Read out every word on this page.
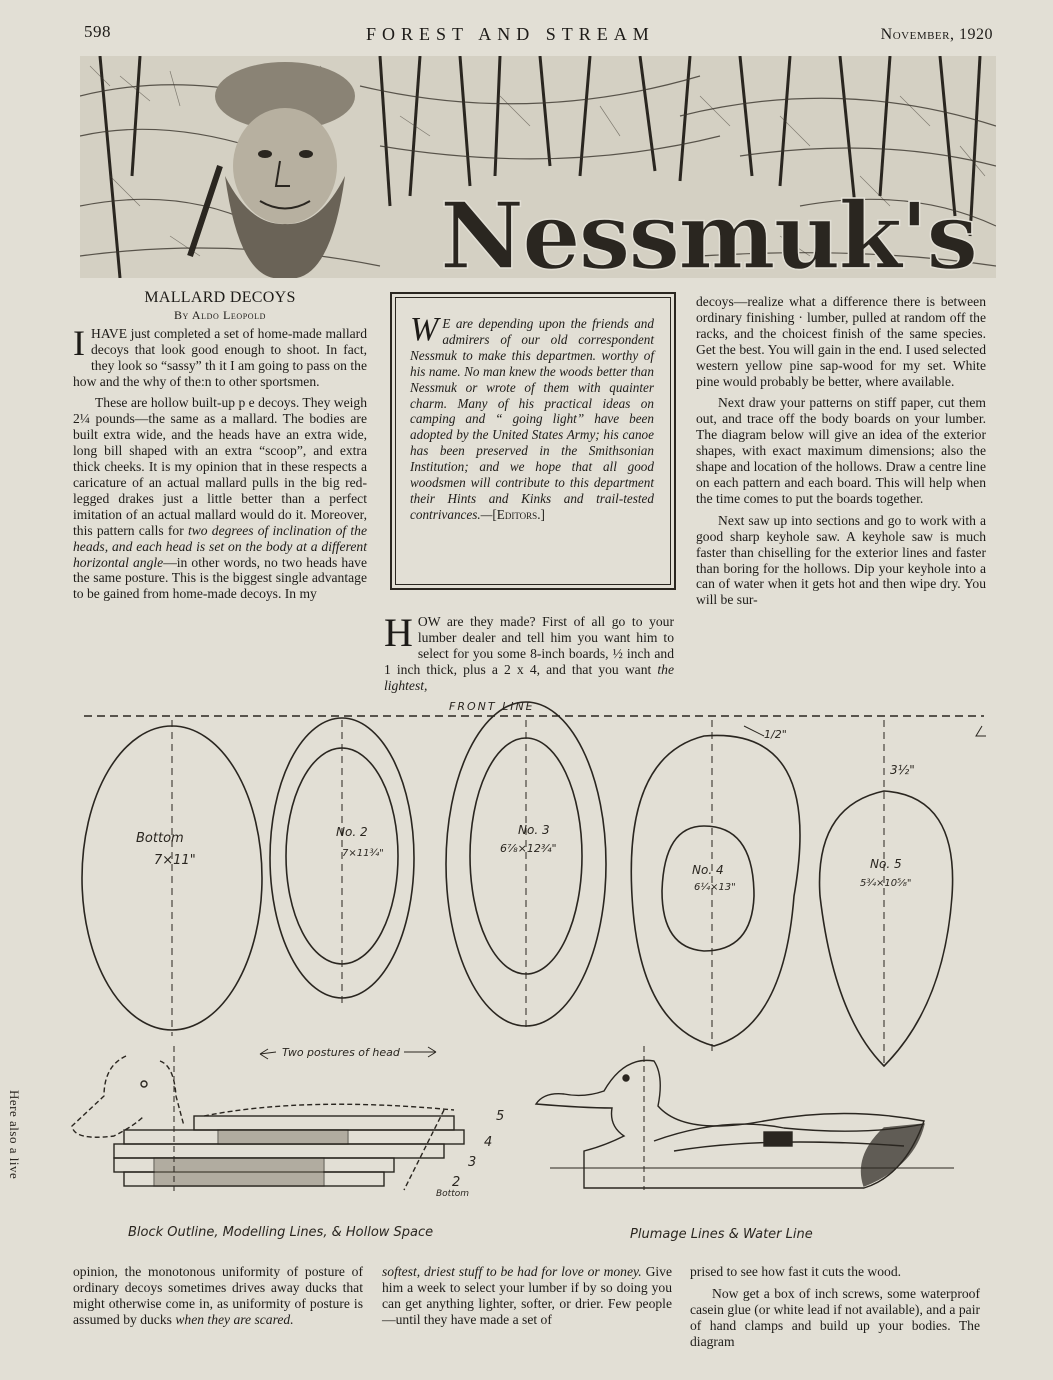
598	FOREST AND STREAM	November, 1920
Nessmuk's
MALLARD DECOYS
By Aldo Leopold

IHAVE just completed a set of home-made mallard decoys that look good enough to shoot. In fact, they look so “sassy” th it I am going to pass on the how and the why of the:n to other sportsmen.

These are hollow built-up p e decoys. They weigh 2¼ pounds—the same as a mallard. The bodies are built extra wide, and the heads have an extra wide, long bill shaped with an extra “scoop”, and extra thick cheeks. It is my opinion that in these respects a caricature of an actual mallard pulls in the big red-legged drakes just a little better than a perfect imitation of an actual mallard would do it. Moreover, this pattern calls for two degrees of inclination of the heads, and each head is set on the body at a different horizontal angle—in other words, no two heads have the same posture. This is the biggest single advantage to be gained from home-made decoys. In my

W E are depending upon the friends and admirers of our old correspondent Nessmuk to make this departmen. worthy of his name. No man knew the woods better than Nessmuk or wrote of them with quainter charm. Many of his practical ideas on camping and “ going light” have been adopted by the United States Army; his canoe has been preserved in the Smithsonian Institution; and we hope that all good woodsmen will contribute to this department their Hints and Kinks and trail-tested contrivances.—[Editors.]

HOW are they made? First of all go to your lumber dealer and tell him you want him to select for you some 8-inch boards, ½ inch and 1 inch thick, plus a 2 x 4, and that you want the lightest,

decoys—realize what a difference there is between ordinary finishing · lumber, pulled at random off the racks, and the choicest finish of the same species. Get the best. You will gain in the end. I used selected western yellow pine sap-wood for my set. White pine would probably be better, where available.

Next draw your patterns on stiff paper, cut them out, and trace off the body boards on your lumber. The diagram below will give an idea of the exterior shapes, with exact maximum dimensions; also the shape and location of the hollows. Draw a centre line on each pattern and each board. This will help when the time comes to put the boards together.

Next saw up into sections and go to work with a good sharp keyhole saw. A keyhole saw is much faster than chiselling for the exterior lines and faster than boring for the hollows. Dip your keyhole into a can of water when it gets hot and then wipe dry. You will be sur-

FRONT LINE
1/2"
3½"
Bottom
7×11"
No. 2
7×11¾"
No. 3
6⅞×12¾"
No. 4
6¼×13"
No. 5
5¾×10⁵⁄₈"
Two postures of head
5
4
3
2
Bottom
Block Outline, Modelling Lines, & Hollow Space	Plumage Lines & Water Line

opinion, the monotonous uniformity of posture of ordinary decoys sometimes drives away ducks that might otherwise come in, as uniformity of posture is assumed by ducks when they are scared.

softest, driest stuff to be had for love or money. Give him a week to select your lumber if by so doing you can get anything lighter, softer, or drier. Few people—until they have made a set of

prised to see how fast it cuts the wood.

Now get a box of inch screws, some waterproof casein glue (or white lead if not available), and a pair of hand clamps and build up your bodies. The diagram

Here also a live
